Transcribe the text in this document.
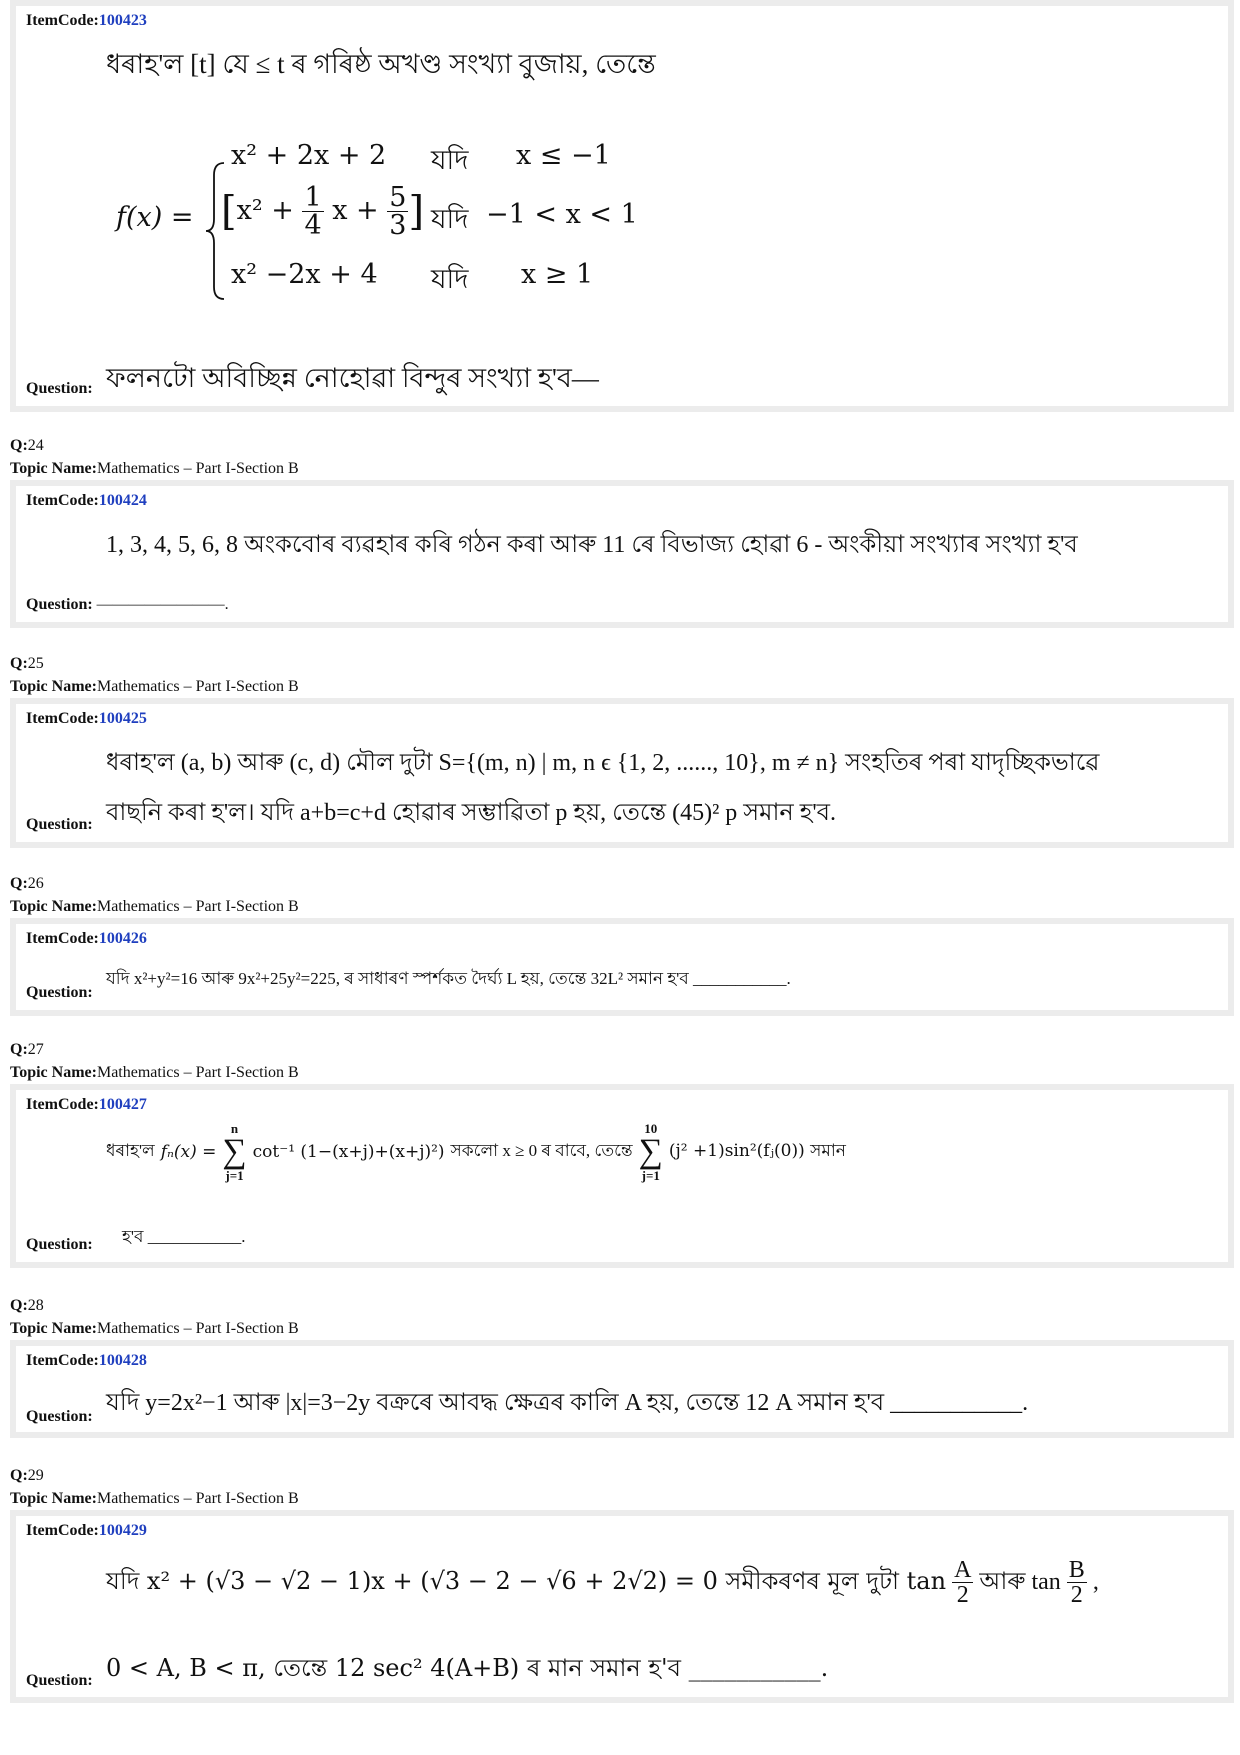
ItemCode:100423
ধৰাহ'ল [t] যে ≤ t ৰ গৰিষ্ঠ অখণ্ড সংখ্যা বুজায়, তেন্তে
f(x) =
x² + 2x + 2 যদি x ≤ −1
[$x^2 + \frac{1}{4}$ $x + \frac{5}{3}$ ] যদি −1 < x < 1
x² −2x + 4 যদি x ≥ 1
ফলনটো অবিচ্ছিন্ন নোহোৱা বিন্দুৰ সংখ্যা হ'ব—
Question:
Q:24
Topic Name:Mathematics – Part I-Section B
ItemCode:100424
1, 3, 4, 5, 6, 8 অংকবোৰ ব্যৱহাৰ কৰি গঠন কৰা আৰু 11 ৰে বিভাজ্য হোৱা 6 - অংকীয়া সংখ্যাৰ সংখ্যা হ'ব
Question: ————————.
Q:25
Topic Name:Mathematics – Part I-Section B
ItemCode:100425
ধৰাহ'ল (a, b) আৰু (c, d) মৌল দুটা S={(m, n) | m, n ϵ {1, 2, ......, 10}, m ≠ n} সংহতিৰ পৰা যাদৃচ্ছিকভাৱে
বাছনি কৰা হ'ল। যদি a+b=c+d হোৱাৰ সম্ভাৱিতা p হয়, তেন্তে (45)² p সমান হ'ব.
Question:
Q:26
Topic Name:Mathematics – Part I-Section B
ItemCode:100426
যদি x²+y²=16 আৰু 9x²+25y²=225, ৰ সাধাৰণ স্পৰ্শকত দৈৰ্ঘ্য L হয়, তেন্তে 32L² সমান হ'ব ___________.
Question:
Q:27
Topic Name:Mathematics – Part I-Section B
ItemCode:100427
ধৰাহ'ল fₙ(x) =
n
∑
j=1
cot⁻¹ (1−(x+j)+(x+j)²) সকলো x ≥ 0 ৰ বাবে, তেন্তে
10
∑
j=1
(j² +1)sin²(fⱼ(0)) সমান
হ'ব ___________.
Question:
Q:28
Topic Name:Mathematics – Part I-Section B
ItemCode:100428
যদি y=2x²−1 আৰু |x|=3−2y বক্ৰৰে আবদ্ধ ক্ষেত্ৰৰ কালি A হয়, তেন্তে 12 A সমান হ'ব ___________.
Question:
Q:29
Topic Name:Mathematics – Part I-Section B
ItemCode:100429
যদি x² + (√3 − √2 − 1)x + (√3 − 2 − √6 + 2√2) = 0 সমীকৰণৰ মূল দুটা $\tan \frac{A}{2}$ আৰু $\tan \frac{B}{2}$ ,
0 < A, B < π, তেন্তে 12 sec² 4(A+B) ৰ মান সমান হ'ব ___________.
Question:
